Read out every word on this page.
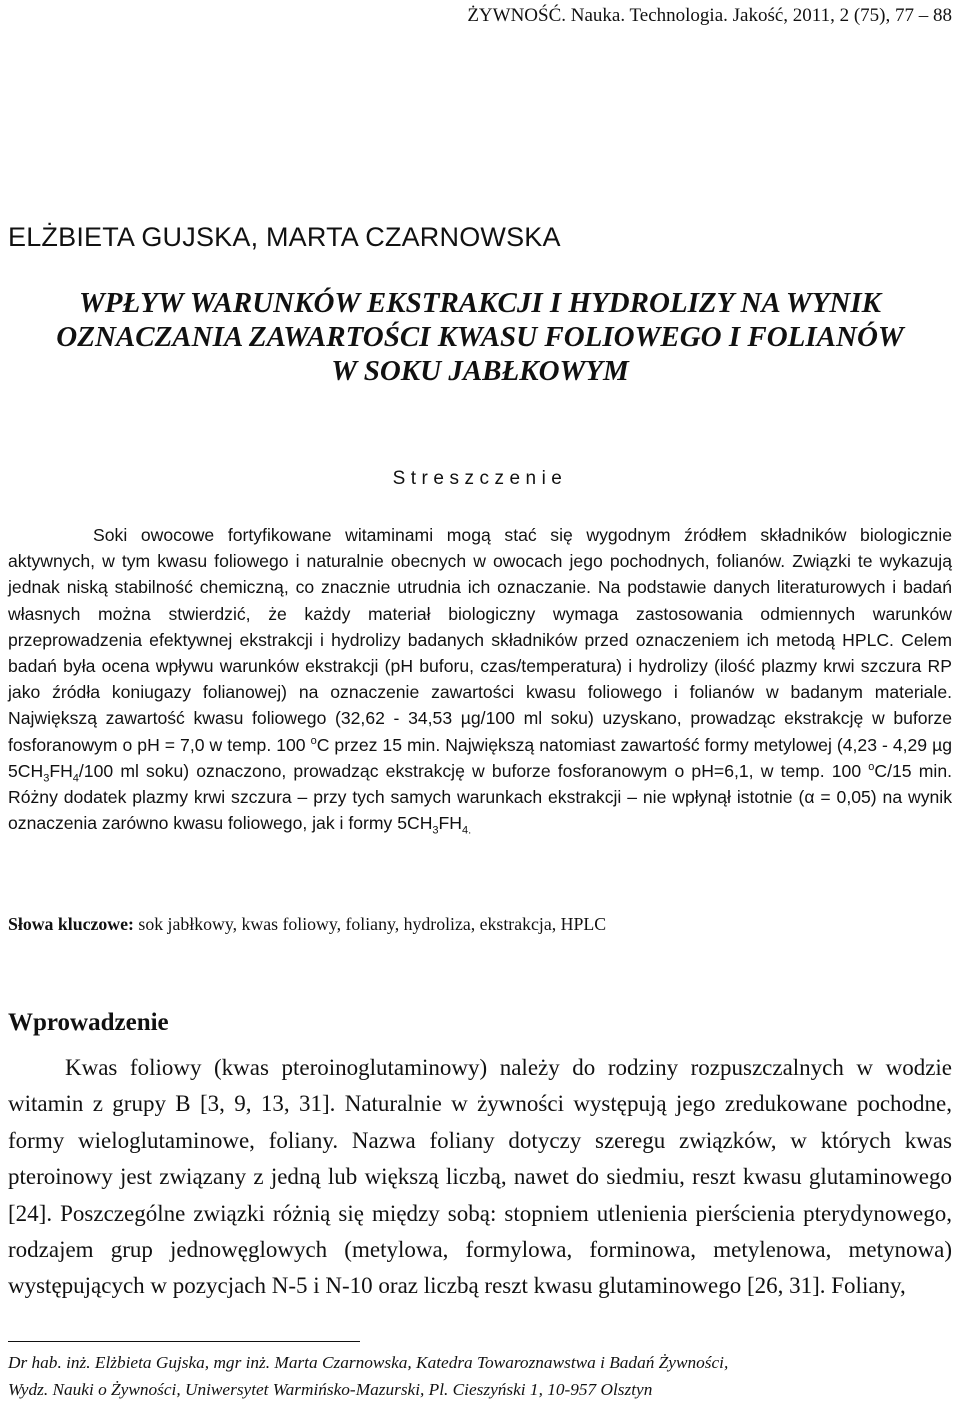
ŻYWNOŚĆ. Nauka. Technologia. Jakość, 2011, 2 (75), 77 – 88
ELŻBIETA GUJSKA, MARTA CZARNOWSKA
WPŁYW WARUNKÓW EKSTRAKCJI I HYDROLIZY NA WYNIK
OZNACZANIA ZAWARTOŚCI KWASU FOLIOWEGO I FOLIANÓW
W SOKU JABŁKOWYM
Streszczenie

Soki owocowe fortyfikowane witaminami mogą stać się wygodnym źródłem składników biologicznie aktywnych, w tym kwasu foliowego i naturalnie obecnych w owocach jego pochodnych, folianów. Związki te wykazują jednak niską stabilność chemiczną, co znacznie utrudnia ich oznaczanie. Na podstawie danych literaturowych i badań własnych można stwierdzić, że każdy materiał biologiczny wymaga zastosowania odmiennych warunków przeprowadzenia efektywnej ekstrakcji i hydrolizy badanych składników przed oznaczeniem ich metodą HPLC. Celem badań była ocena wpływu warunków ekstrakcji (pH buforu, czas/temperatura) i hydrolizy (ilość plazmy krwi szczura RP jako źródła koniugazy folianowej) na oznaczenie zawartości kwasu foliowego i folianów w badanym materiale. Największą zawartość kwasu foliowego (32,62 - 34,53 µg/100 ml soku) uzyskano, prowadząc ekstrakcję w buforze fosforanowym o pH = 7,0 w temp. 100 $^o$C przez 15 min. Największą natomiast zawartość formy metylowej (4,23 - 4,29 µg $5CH_3FH_4/100$ ml soku) oznaczono, prowadząc ekstrakcję w buforze fosforanowym o pH=6,1, w temp. 100 $^o$C/15 min. Różny dodatek plazmy krwi szczura – przy tych samych warunkach ekstrakcji – nie wpłynął istotnie (α = 0,05) na wynik oznaczenia zarówno kwasu foliowego, jak i formy $5CH_3FH_{4.}$

Słowa kluczowe: sok jabłkowy, kwas foliowy, foliany, hydroliza, ekstrakcja, HPLC

Wprowadzenie

Kwas foliowy (kwas pteroinoglutaminowy) należy do rodziny rozpuszczalnych w wodzie witamin z grupy B [3, 9, 13, 31]. Naturalnie w żywności występują jego zredukowane pochodne, formy wieloglutaminowe, foliany. Nazwa foliany dotyczy szeregu związków, w których kwas pteroinowy jest związany z jedną lub większą liczbą, nawet do siedmiu, reszt kwasu glutaminowego [24]. Poszczególne związki różnią się między sobą: stopniem utlenienia pierścienia pterydynowego, rodzajem grup jednowęglowych (metylowa, formylowa, forminowa, metylenowa, metynowa) występujących w pozycjach N-5 i N-10 oraz liczbą reszt kwasu glutaminowego [26, 31]. Foliany,

Dr hab. inż. Elżbieta Gujska, mgr inż. Marta Czarnowska, Katedra Towaroznawstwa i Badań Żywności,
Wydz. Nauki o Żywności, Uniwersytet Warmińsko-Mazurski, Pl. Cieszyński 1, 10-957 Olsztyn
